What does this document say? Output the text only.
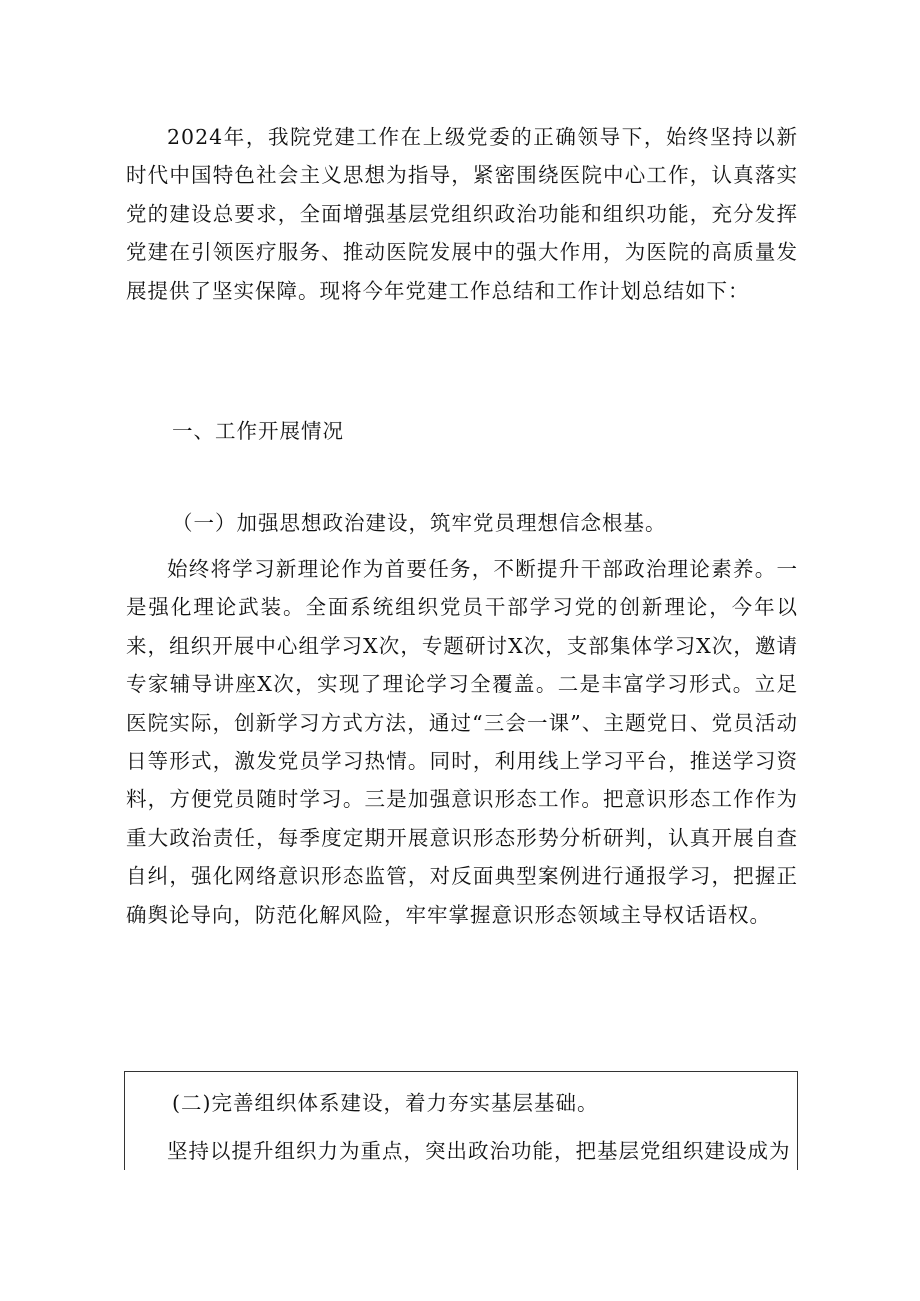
2024年，我院党建工作在上级党委的正确领导下，始终坚持以新时代中国特色社会主义思想为指导，紧密围绕医院中心工作，认真落实党的建设总要求，全面增强基层党组织政治功能和组织功能，充分发挥党建在引领医疗服务、推动医院发展中的强大作用，为医院的高质量发展提供了坚实保障。现将今年党建工作总结和工作计划总结如下：

一、工作开展情况

（一）加强思想政治建设，筑牢党员理想信念根基。

始终将学习新理论作为首要任务，不断提升干部政治理论素养。一是强化理论武装。全面系统组织党员干部学习党的创新理论，今年以来，组织开展中心组学习X次，专题研讨X次，支部集体学习X次，邀请专家辅导讲座X次，实现了理论学习全覆盖。二是丰富学习形式。立足医院实际，创新学习方式方法，通过“三会一课”、主题党日、党员活动日等形式，激发党员学习热情。同时，利用线上学习平台，推送学习资料，方便党员随时学习。三是加强意识形态工作。把意识形态工作作为重大政治责任，每季度定期开展意识形态形势分析研判，认真开展自查自纠，强化网络意识形态监管，对反面典型案例进行通报学习，把握正确舆论导向，防范化解风险，牢牢掌握意识形态领域主导权话语权。

(二)完善组织体系建设，着力夯实基层基础。

坚持以提升组织力为重点，突出政治功能，把基层党组织建设成为
